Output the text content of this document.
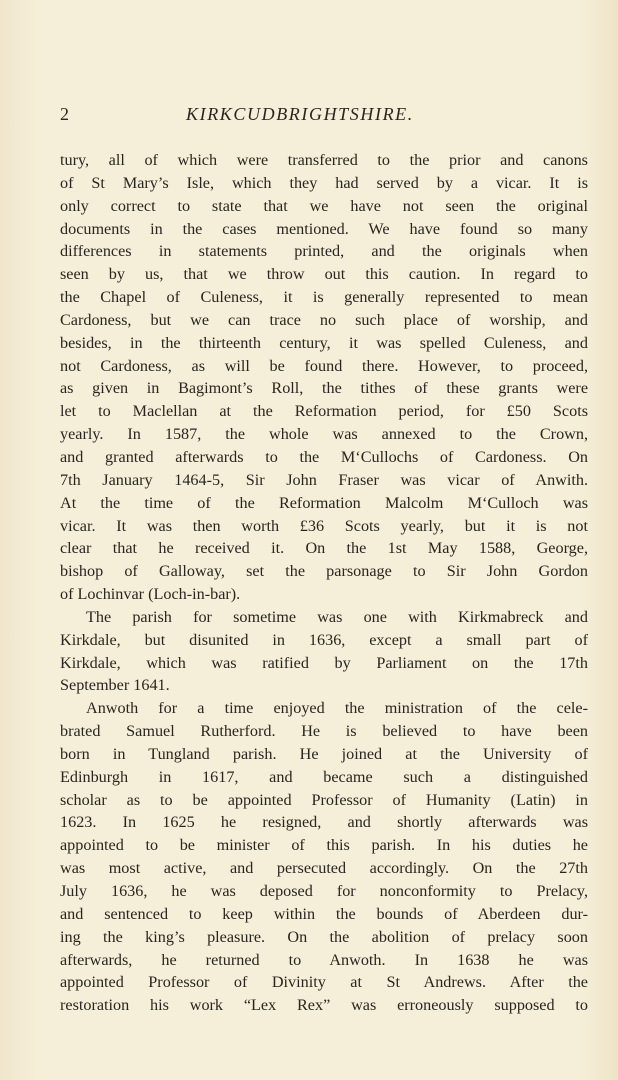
2	KIRKCUDBRIGHTSHIRE.
tury, all of which were transferred to the prior and canons
of St Mary’s Isle, which they had served by a vicar. It is
only correct to state that we have not seen the original
documents in the cases mentioned. We have found so many
differences in statements printed, and the originals when
seen by us, that we throw out this caution. In regard to
the Chapel of Culeness, it is generally represented to mean
Cardoness, but we can trace no such place of worship, and
besides, in the thirteenth century, it was spelled Culeness, and
not Cardoness, as will be found there. However, to proceed,
as given in Bagimont’s Roll, the tithes of these grants were
let to Maclellan at the Reformation period, for £50 Scots
yearly. In 1587, the whole was annexed to the Crown,
and granted afterwards to the M‘Cullochs of Cardoness. On
7th January 1464-5, Sir John Fraser was vicar of Anwith.
At the time of the Reformation Malcolm M‘Culloch was
vicar. It was then worth £36 Scots yearly, but it is not
clear that he received it. On the 1st May 1588, George,
bishop of Galloway, set the parsonage to Sir John Gordon
of Lochinvar (Loch-in-bar).
The parish for sometime was one with Kirkmabreck and
Kirkdale, but disunited in 1636, except a small part of
Kirkdale, which was ratified by Parliament on the 17th
September 1641.
Anwoth for a time enjoyed the ministration of the cele-
brated Samuel Rutherford. He is believed to have been
born in Tungland parish. He joined at the University of
Edinburgh in 1617, and became such a distinguished
scholar as to be appointed Professor of Humanity (Latin) in
1623. In 1625 he resigned, and shortly afterwards was
appointed to be minister of this parish. In his duties he
was most active, and persecuted accordingly. On the 27th
July 1636, he was deposed for nonconformity to Prelacy,
and sentenced to keep within the bounds of Aberdeen dur-
ing the king’s pleasure. On the abolition of prelacy soon
afterwards, he returned to Anwoth. In 1638 he was
appointed Professor of Divinity at St Andrews. After the
restoration his work “Lex Rex” was erroneously supposed to
